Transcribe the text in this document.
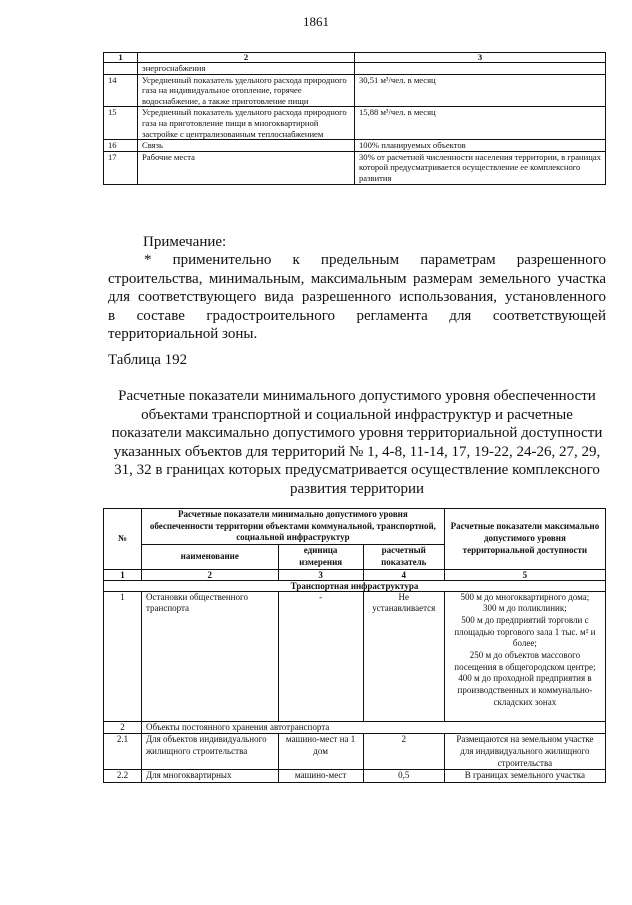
1861
1	2	3
	энергоснабжения	
14	Усредненный показатель удельного расхода природного газа на индивидуальное отопление, горячее водоснабжение, а также приготовление пищи	30,51 м³/чел. в месяц
15	Усредненный показатель удельного расхода природного газа на приготовление пищи в многоквартирной застройке с централизованным теплоснабжением	15,88 м³/чел. в месяц
16	Связь	100% планируемых объектов
17	Рабочие места	30% от расчетной численности населения территории, в границах которой предусматривается осуществление ее комплексного развития
Примечание:
* применительно к предельным параметрам разрешенного
строительства, минимальным, максимальным размерам земельного участка
для соответствующего вида разрешенного использования, установленного
в составе градостроительного регламента для соответствующей
территориальной зоны.
Таблица 192
Расчетные показатели минимального допустимого уровня обеспеченности
объектами транспортной и социальной инфраструктур и расчетные
показатели максимально допустимого уровня территориальной доступности
указанных объектов для территорий № 1, 4-8, 11-14, 17, 19-22, 24-26, 27, 29,
31, 32 в границах которых предусматривается осуществление комплексного
развития территории
№	Расчетные показатели минимально допустимого уровня обеспеченности территории объектами коммунальной, транспортной, социальной инфраструктур			Расчетные показатели максимально допустимого уровня территориальной доступности
	наименование	единица измерения	расчетный показатель	
1	2	3	4	5
Транспортная инфраструктура				
1	Остановки общественного транспорта	-	Не устанавливается	500 м до многоквартирного дома;
300 м до поликлиник;
500 м до предприятий торговли с площадью торгового зала 1 тыс. м² и более;
250 м до объектов массового посещения в общегородском центре;
400 м до проходной предприятия в производственных и коммунально-складских зонах

2	Объекты постоянного хранения автотранспорта			
2.1	Для объектов индивидуального жилищного строительства	машино-мест на 1 дом	2	Размещаются на земельном участке для индивидуального жилищного строительства
2.2	Для многоквартирных	машино-мест	0,5	В границах земельного участка
